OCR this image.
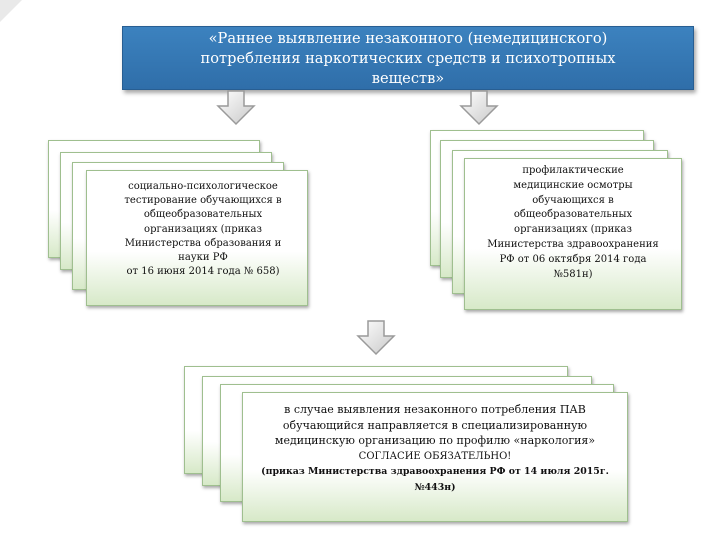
«Раннее выявление незаконного (немедицинского)
потребления наркотических средств и психотропных
веществ»
социально-психологическое
тестирование обучающихся в
общеобразовательных
организациях (приказ
Министерства образования и
науки РФ
от 16 июня 2014 года № 658)
профилактические
медицинские осмотры
обучающихся в
общеобразовательных
организациях (приказ
Министерства здравоохранения
РФ от 06 октября 2014 года
№581н)
в случае выявления незаконного потребления ПАВ
обучающийся направляется в специализированную
медицинскую организацию по профилю «наркология»
СОГЛАСИЕ ОБЯЗАТЕЛЬНО!
(приказ Министерства здравоохранения РФ от 14 июля 2015г.
№443н)
